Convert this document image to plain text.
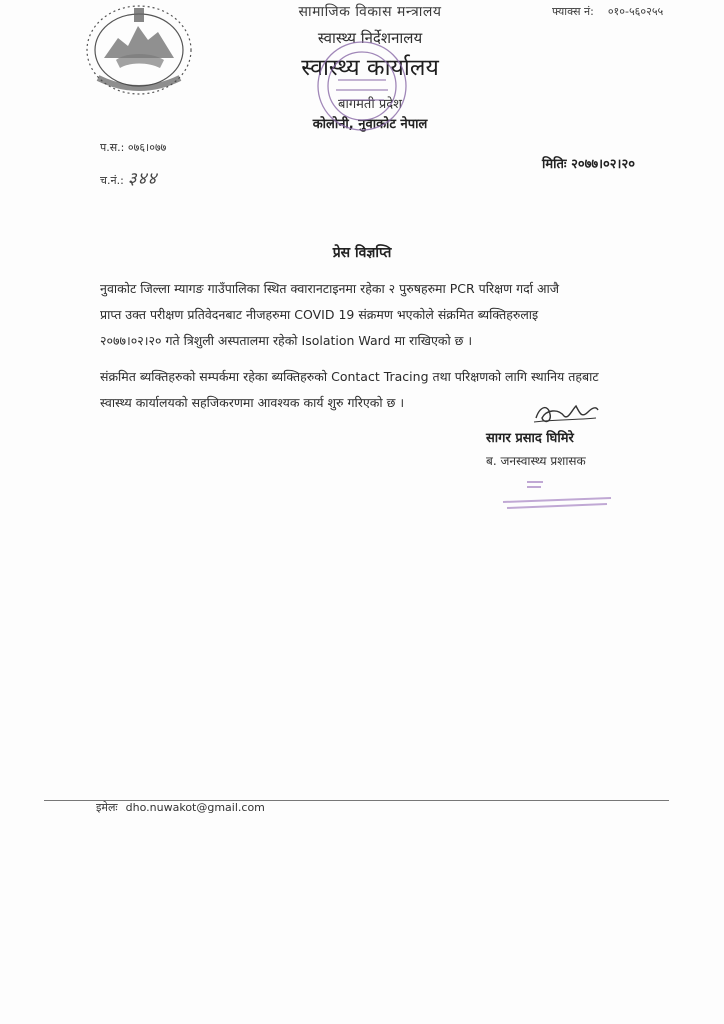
सामाजिक विकास मन्त्रालय
स्वास्थ्य निर्देशनालय
स्वास्थ्य कार्यालय
बागमती प्रदेश
कोलोनी, नुवाकोट नेपाल
फ्याक्स नं: ०१०-५६०२५५
प.स.: ०७६।०७७
च.नं.: ३४४
मितिः २०७७।०२।२०
प्रेस विज्ञप्ति
नुवाकोट जिल्ला म्यागङ गाउँपालिका स्थित क्वारानटाइनमा रहेका २ पुरुषहरुमा PCR परिक्षण गर्दा आजै
प्राप्त उक्त परीक्षण प्रतिवेदनबाट नीजहरुमा COVID 19 संक्रमण भएकोले संक्रमित ब्यक्तिहरुलाइ
२०७७।०२।२० गते त्रिशुली अस्पतालमा रहेको Isolation Ward मा राखिएको छ ।
संक्रमित ब्यक्तिहरुको सम्पर्कमा रहेका ब्यक्तिहरुको Contact Tracing तथा परिक्षणको लागि स्थानिय तहबाट
स्वास्थ्य कार्यालयको सहजिकरणमा आवश्यक कार्य शुरु गरिएको छ ।
सागर प्रसाद घिमिरे
ब. जनस्वास्थ्य प्रशासक
इमेलः dho.nuwakot@gmail.com
